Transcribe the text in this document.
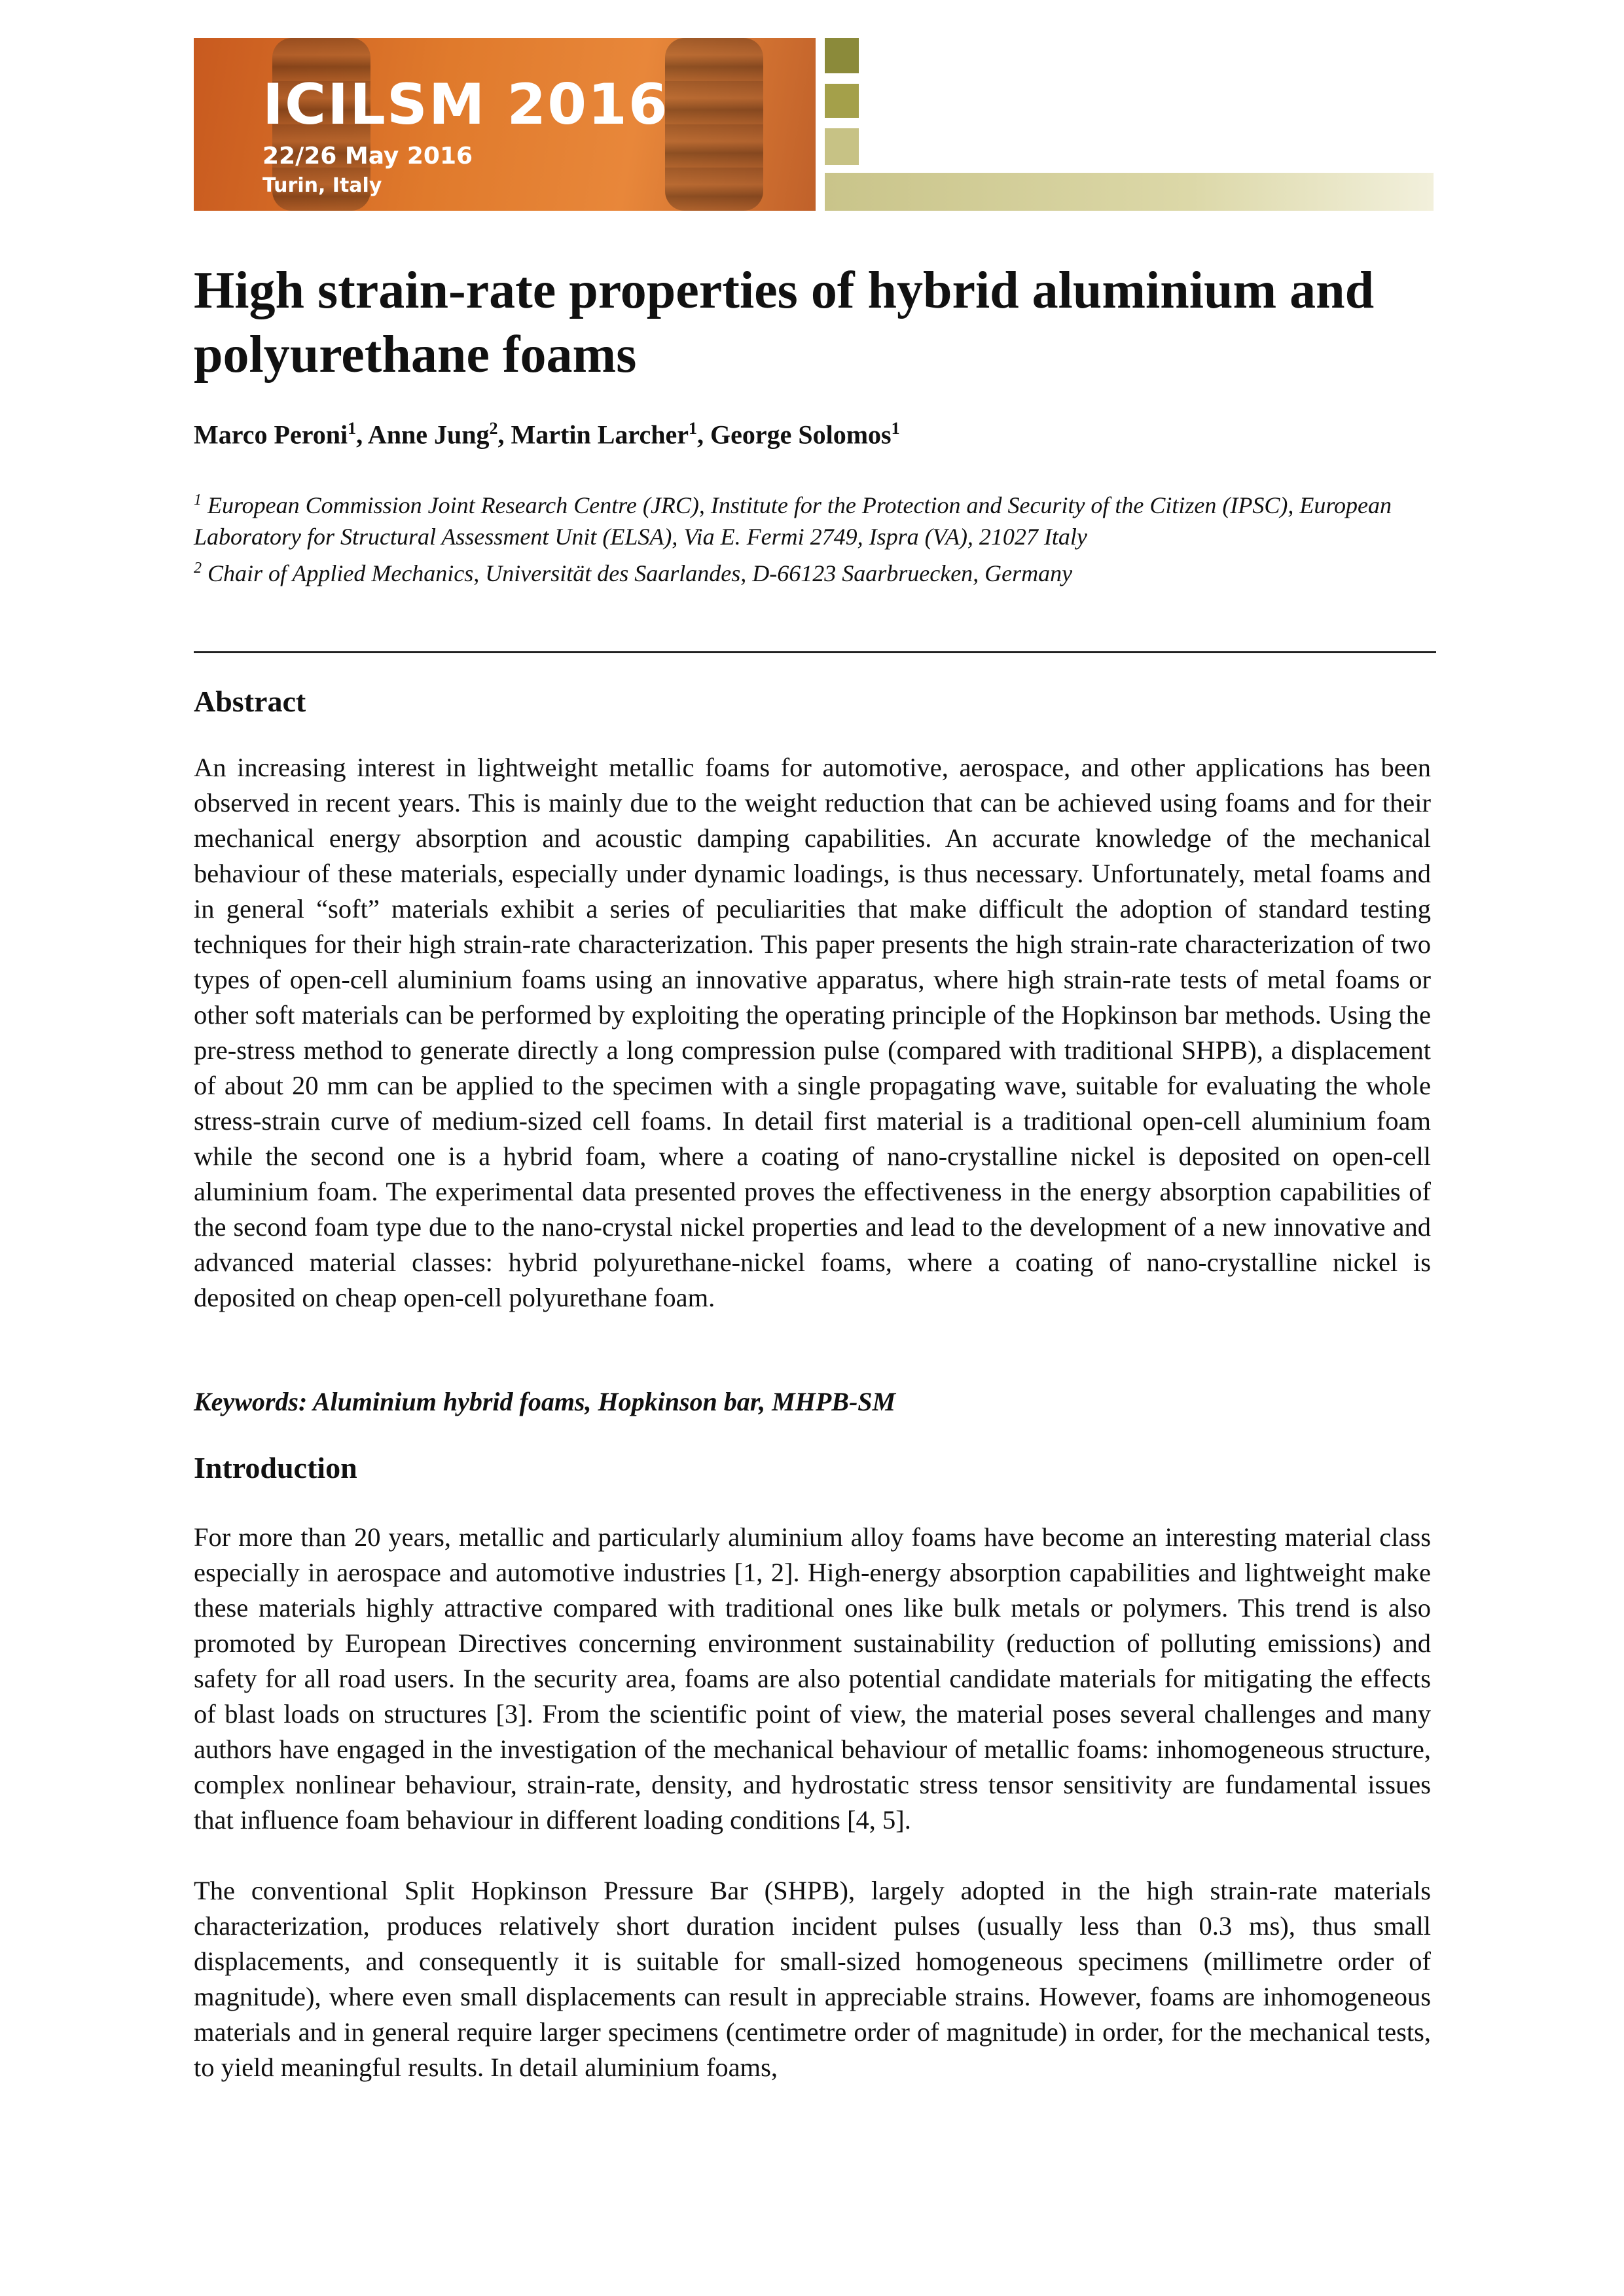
ICILSM 2016
22/26 May 2016
Turin, Italy
High strain-rate properties of hybrid aluminium and polyurethane foams

Marco Peroni$^1$, Anne Jung$^2$, Martin Larcher$^1$, George Solomos$^1$

$^1$ European Commission Joint Research Centre (JRC), Institute for the Protection and Security of the Citizen (IPSC), European Laboratory for Structural Assessment Unit (ELSA), Via E. Fermi 2749, Ispra (VA), 21027 Italy

$^2$ Chair of Applied Mechanics, Universität des Saarlandes, D-66123 Saarbruecken, Germany

Abstract

An increasing interest in lightweight metallic foams for automotive, aerospace, and other applications has been observed in recent years. This is mainly due to the weight reduction that can be achieved using foams and for their mechanical energy absorption and acoustic damping capabilities. An accurate knowledge of the mechanical behaviour of these materials, especially under dynamic loadings, is thus necessary. Unfortunately, metal foams and in general “soft” materials exhibit a series of peculiarities that make difficult the adoption of standard testing techniques for their high strain-rate characterization. This paper presents the high strain-rate characterization of two types of open-cell aluminium foams using an innovative apparatus, where high strain-rate tests of metal foams or other soft materials can be performed by exploiting the operating principle of the Hopkinson bar methods. Using the pre-stress method to generate directly a long compression pulse (compared with traditional SHPB), a displacement of about 20 mm can be applied to the specimen with a single propagating wave, suitable for evaluating the whole stress-strain curve of medium-sized cell foams. In detail first material is a traditional open-cell aluminium foam while the second one is a hybrid foam, where a coating of nano-crystalline nickel is deposited on open-cell aluminium foam. The experimental data presented proves the effectiveness in the energy absorption capabilities of the second foam type due to the nano-crystal nickel properties and lead to the development of a new innovative and advanced material classes: hybrid polyurethane-nickel foams, where a coating of nano-crystalline nickel is deposited on cheap open-cell polyurethane foam.

Keywords: Aluminium hybrid foams, Hopkinson bar, MHPB-SM

Introduction

For more than 20 years, metallic and particularly aluminium alloy foams have become an interesting material class especially in aerospace and automotive industries [1, 2]. High-energy absorption capabilities and lightweight make these materials highly attractive compared with traditional ones like bulk metals or polymers. This trend is also promoted by European Directives concerning environment sustainability (reduction of polluting emissions) and safety for all road users. In the security area, foams are also potential candidate materials for mitigating the effects of blast loads on structures [3]. From the scientific point of view, the material poses several challenges and many authors have engaged in the investigation of the mechanical behaviour of metallic foams: inhomogeneous structure, complex nonlinear behaviour, strain-rate, density, and hydrostatic stress tensor sensitivity are fundamental issues that influence foam behaviour in different loading conditions [4, 5].

The conventional Split Hopkinson Pressure Bar (SHPB), largely adopted in the high strain-rate materials characterization, produces relatively short duration incident pulses (usually less than 0.3 ms), thus small displacements, and consequently it is suitable for small-sized homogeneous specimens (millimetre order of magnitude), where even small displacements can result in appreciable strains. However, foams are inhomogeneous materials and in general require larger specimens (centimetre order of magnitude) in order, for the mechanical tests, to yield meaningful results. In detail aluminium foams,
